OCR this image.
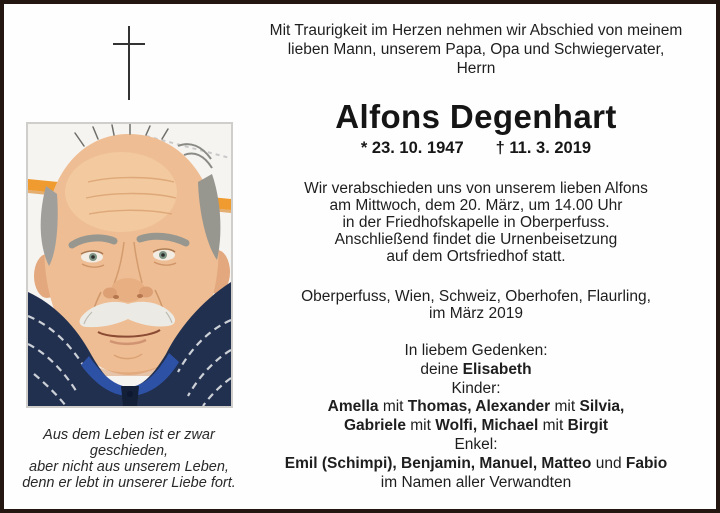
Mit Traurigkeit im Herzen nehmen wir Abschied von meinem
lieben Mann, unserem Papa, Opa und Schwiegervater,
Herrn
Alfons Degenhart
* 23. 10. 1947 † 11. 3. 2019
Wir verabschieden uns von unserem lieben Alfons
am Mittwoch, dem 20. März, um 14.00 Uhr
in der Friedhofskapelle in Oberperfuss.
Anschließend findet die Urnenbeisetzung
auf dem Ortsfriedhof statt.
Oberperfuss, Wien, Schweiz, Oberhofen, Flaurling,
im März 2019
In liebem Gedenken:
deine Elisabeth
Kinder:
Amella mit Thomas, Alexander mit Silvia,
Gabriele mit Wolfi, Michael mit Birgit
Enkel:
Emil (Schimpi), Benjamin, Manuel, Matteo und Fabio
im Namen aller Verwandten
Aus dem Leben ist er zwar geschieden,
aber nicht aus unserem Leben,
denn er lebt in unserer Liebe fort.
